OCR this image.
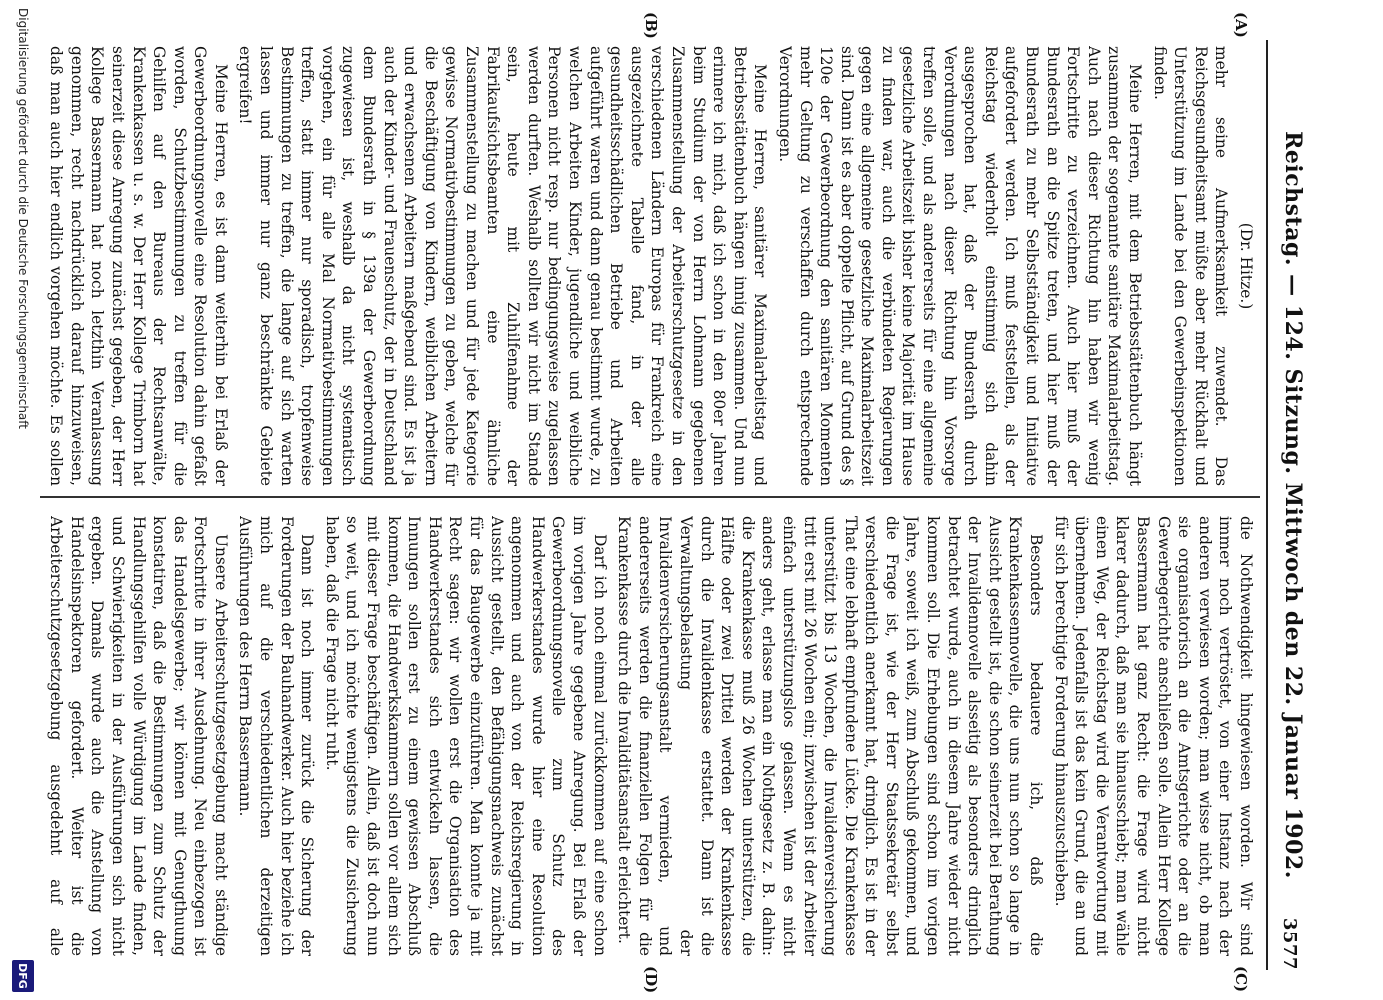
Reichstag. — 124. Sitzung. Mittwoch den 22. Januar 1902.
3577
(A)
(B)
(C)
(D)

(Dr. Hitze.)

mehr seine Aufmerksamkeit zuwendet. Das Reichsgesundheitsamt müßte aber mehr Rückhalt und Unterstützung im Lande bei den Gewerbeinspektionen finden.

Meine Herren, mit dem Betriebsstättenbuch hängt zusammen der sogenannte sanitäre Maximalarbeitstag. Auch nach dieser Richtung hin haben wir wenig Fortschritte zu verzeichnen. Auch hier muß der Bundesrath an die Spitze treten, und hier muß der Bundesrath zu mehr Selbstständigkeit und Initiative aufgefordert werden. Ich muß feststellen, als der Reichstag wiederholt einstimmig sich dahin ausgesprochen hat, daß der Bundesrath durch Verordnungen nach dieser Richtung hin Vorsorge treffen solle, und als andererseits für eine allgemeine gesetzliche Arbeitszeit bisher keine Majorität im Hause zu finden war, auch die verbündeten Regierungen gegen eine allgemeine gesetzliche Maximalarbeitszeit sind. Dann ist es aber doppelte Pflicht, auf Grund des § 120e der Gewerbeordnung den sanitären Momenten mehr Geltung zu verschaffen durch entsprechende Verordnungen.

Meine Herren, sanitärer Maximalarbeitstag und Betriebsstättenbuch hängen innig zusammen. Und nun erinnere ich mich, daß ich schon in den 80er Jahren beim Studium der von Herrn Lohmann gegebenen Zusammenstellung der Arbeiterschutzgesetze in den verschiedenen Ländern Europas für Frankreich eine ausgezeichnete Tabelle fand, in der alle gesundheitsschädlichen Betriebe und Arbeiten aufgeführt waren und dann genau bestimmt wurde, zu welchen Arbeiten Kinder, jugendliche und weibliche Personen nicht resp. nur bedingungsweise zugelassen werden durften. Weshalb sollten wir nicht im Stande sein, heute mit Zuhilfenahme der Fabrikaufsichtsbeamten eine ähnliche Zusammenstellung zu machen und für jede Kategorie gewisse Normativbestimmungen zu geben, welche für die Beschäftigung von Kindern, weiblichen Arbeitern und erwachsenen Arbeitern maßgebend sind. Es ist ja auch der Kinder- und Frauenschutz, der in Deutschland dem Bundesrath in § 139a der Gewerbeordnung zugewiesen ist, weshalb da nicht systematisch vorgehen, ein für alle Mal Normativbestimmungen treffen, statt immer nur sporadisch, tropfenweise Bestimmungen zu treffen, die lange auf sich warten lassen und immer nur ganz beschränkte Gebiete ergreifen!

Meine Herren, es ist dann weiterhin bei Erlaß der Gewerbeordnungsnovelle eine Resolution dahin gefaßt worden, Schutzbestimmungen zu treffen für die Gehilfen auf den Bureaus der Rechtsanwälte, Krankenkassen u. s. w. Der Herr Kollege Trimborn hat seinerzeit diese Anregung zunächst gegeben, der Herr Kollege Bassermann hat noch letzthin Veranlassung genommen, recht nachdrücklich darauf hinzuweisen, daß man auch hier endlich vorgehen möchte. Es sollen

die Nothwendigkeit hingewiesen worden. Wir sind immer noch vertröstet, von einer Instanz nach der anderen verwiesen worden; man wisse nicht, ob man sie organisatorisch an die Amtsgerichte oder an die Gewerbegerichte anschließen solle. Allein Herr Kollege Bassermann hat ganz Recht: die Frage wird nicht klarer dadurch, daß man sie hinausschiebt; man wähle einen Weg, der Reichstag wird die Verantwortung mit übernehmen. Jedenfalls ist das kein Grund, die an und für sich berechtigte Forderung hinauszuschieben.

Besonders bedauere ich, daß die Krankenkassennovelle, die uns nun schon so lange in Aussicht gestellt ist, die schon seinerzeit bei Berathung der Invalidennovelle alsseitig als besonders dringlich betrachtet wurde, auch in diesem Jahre wieder nicht kommen soll. Die Erhebungen sind schon im vorigen Jahre, soweit ich weiß, zum Abschluß gekommen, und die Frage ist, wie der Herr Staatssekretär selbst verschiedentlich anerkannt hat, dringlich. Es ist in der That eine lebhaft empfundene Lücke. Die Krankenkasse unterstützt bis 13 Wochen, die Invalidenversicherung tritt erst mit 26 Wochen ein; inzwischen ist der Arbeiter einfach unterstützungslos gelassen. Wenn es nicht anders geht, erlasse man ein Nothgesetz z. B. dahin: die Krankenkasse muß 26 Wochen unterstützen, die Hälfte oder zwei Drittel werden der Krankenkasse durch die Invalidenkasse erstattet. Dann ist die Verwaltungsbelastung der Invalidenversicherungsanstalt vermieden, und andererseits werden die finanziellen Folgen für die Krankenkasse durch die Invaliditätsanstalt erleichtert.

Darf ich noch einmal zurückkommen auf eine schon im vorigen Jahre gegebene Anregung. Bei Erlaß der Gewerbeordnungsnovelle zum Schutz des Handwerkerstandes wurde hier eine Resolution angenommen und auch von der Reichsregierung in Aussicht gestellt, den Befähigungsnachweis zunächst für das Baugewerbe einzuführen. Man konnte ja mit Recht sagen: wir wollen erst die Organisation des Handwerkerstandes sich entwickeln lassen, die Innungen sollen erst zu einem gewissen Abschluß kommen, die Handwerkskammern sollen vor allem sich mit dieser Frage beschäftigen. Allein, daß ist doch nun so weit, und ich möchte wenigstens die Zusicherung haben, daß die Frage nicht ruht.

Dann ist noch immer zurück die Sicherung der Forderungen der Bauhandwerker. Auch hier beziehe ich mich auf die verschiedentlichen derzeitigen Ausführungen des Herrn Bassermann.

Unsere Arbeiterschutzgesetzgebung macht ständige Fortschritte in ihrer Ausdehnung. Neu einbezogen ist das Handelsgewerbe; wir können mit Genugthuung konstatiren, daß die Bestimmungen zum Schutz der Handlungsgehilfen volle Würdigung im Lande finden, und Schwierigkeiten in der Ausführungen sich nicht ergeben. Damals wurde auch die Anstellung von Handelsinspektoren gefordert. Weiter ist die Arbeiterschutzgesetzgebung ausgedehnt auf alle

Digitalisierung gefördert durch die Deutsche Forschungsgemeinschaft
DFG
